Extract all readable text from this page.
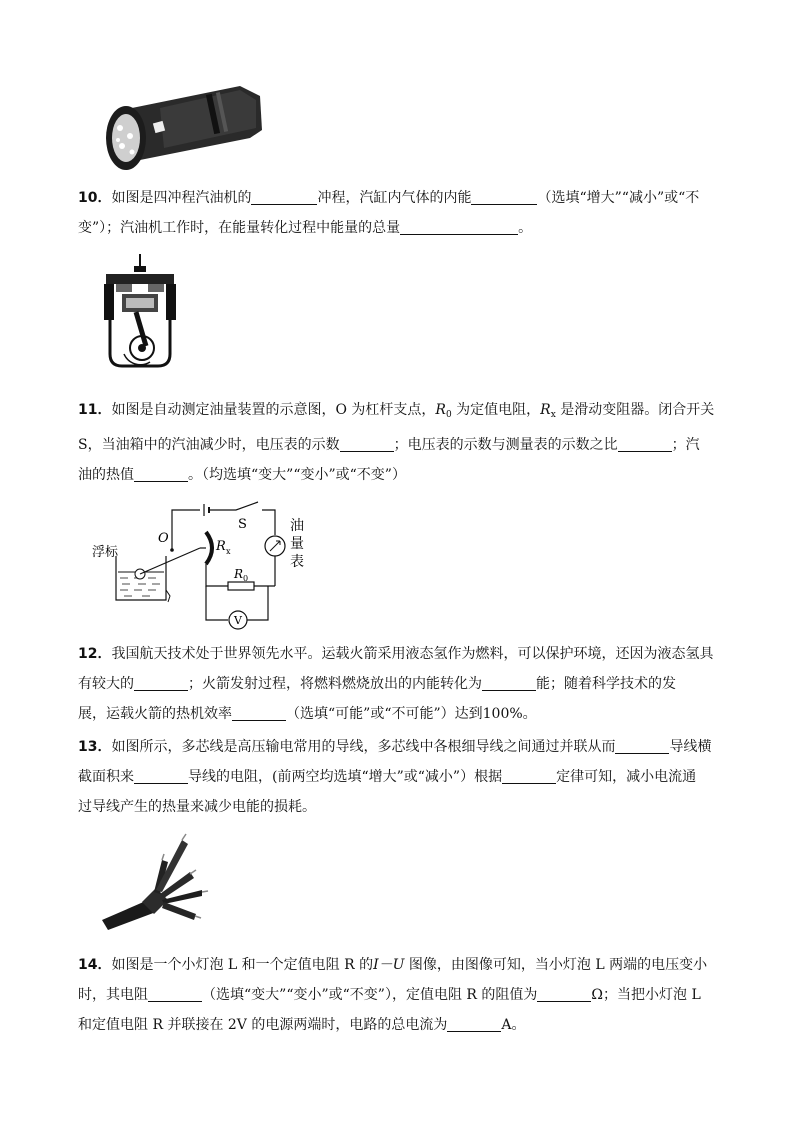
10．如图是四冲程汽油机的	冲程，汽缸内气体的内能	（选填“增大”“减小”或“不

变”）；汽油机工作时，在能量转化过程中能量的总量	。

11．如图是自动测定油量装置的示意图，O 为杠杆支点，$R_0$ 为定值电阻，$R_x$ 是滑动变阻器。闭合开关

S，当油箱中的汽油减少时，电压表的示数	；电压表的示数与测量表的示数之比	；汽

油的热值	。（均选填“变大”“变小”或“不变”）

浮标
O
S
R x
R 0
油
量
表
V

12．我国航天技术处于世界领先水平。运载火箭采用液态氢作为燃料，可以保护环境，还因为液态氢具

有较大的	；火箭发射过程，将燃料燃烧放出的内能转化为	能；随着科学技术的发

展，运载火箭的热机效率	（选填“可能”或“不可能”）达到100%。

13．如图所示，多芯线是高压输电常用的导线，多芯线中各根细导线之间通过并联从而	导线横

截面积来	导线的电阻，(前两空均选填“增大”或“减小”）根据	定律可知，减小电流通

过导线产生的热量来减少电能的损耗。

14．如图是一个小灯泡 L 和一个定值电阻 R 的I－U 图像，由图像可知，当小灯泡 L 两端的电压变小

时，其电阻	（选填“变大”“变小”或“不变”），定值电阻 R 的阻值为	Ω；当把小灯泡 L

和定值电阻 R 并联接在 2V 的电源两端时，电路的总电流为	A。
